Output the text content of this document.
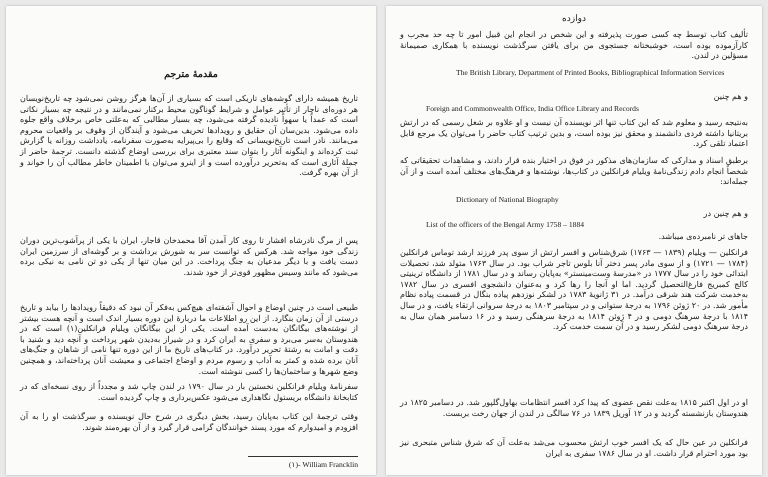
مقدمهٔ مترجم

تاریخ همیشه دارای گوشه‌های تاریکی است که بسیاری از آن‌ها هرگز روشن نمی‌شود چه تاریخ‌نویسان هر دوره‌ای ناچار از تأثیر عوامل و شرایط گوناگون محیط برکنار نمی‌مانند و در نتیجه چه بسیار نکاتی است که عمداً یا سهواً نادیده گرفته می‌شود، چه بسیار مطالبی که به‌علتی خاص برخلاف واقع جلوه داده می‌شود. بدین‌سان آن حقایق و رویدادها تحریف می‌شود و آیندگان از وقوف بر واقعیات محروم می‌مانند. نادر است تاریخ‌نویسانی که وقایع را بی‌پیرایه به‌صورت سفرنامه، یادداشت روزانه یا گزارش ثبت کرده‌اند و اینگونه آثار را بتوان سند معتبری برای بررسی اوضاع گذشته دانست. ترجمهٔ حاضر از جملهٔ آثاری است که به‌تحریر درآورده است و از اینرو می‌توان با اطمینان خاطر مطالب آن را خواند و از آن بهره گرفت.

پس از مرگ نادرشاه افشار تا روی کار آمدن آقا محمدخان قاجار، ایران با یکی از پرآشوب‌ترین دوران زندگی خود مواجه شد. هرکس که توانست سر به شورش برداشت و بر گوشه‌ای از سرزمین ایران دست یافت و با دیگر مدعیان به جنگ پرداخت. در این میان تنها از یکی دو تن نامی به نیکی برده می‌شود که مانند وسیس مظهور قوی‌تر از خود شدند.

طبیعی است در چنین اوضاع و احوال آشفته‌ای هیچ‌کس به‌فکر آن نبود که دقیقاً رویدادها را بیابد و تاریخ درستی از آن زمان بنگارد. از این رو اطلاعات ما دربارهٔ این دوره بسیار اندک است و آنچه هست بیشتر از نوشته‌های بیگانگان به‌دست آمده است. یکی از این بیگانگان ویلیام فرانکلین(۱) است که در هندوستان به‌سر می‌برد و سفری به ایران کرد و در شیراز به‌دیدن شهر پرداخت و آنچه دید و شنید با دقت و امانت به رشتهٔ تحریر درآورد. در کتاب‌های تاریخ ما از این دوره تنها نامی از شاهان و جنگ‌های آنان برده شده و کمتر به آداب و رسوم مردم و اوضاع اجتماعی و معیشت آنان پرداخته‌اند، و همچنین وضع شهرها و ساختمان‌ها را کسی ننوشته است.

سفرنامهٔ ویلیام فرانکلین نخستین بار در سال ۱۷۹۰ در لندن چاپ شد و مجدداً از روی نسخه‌ای که در کتابخانهٔ دانشگاه بریستول نگاهداری می‌شود عکس‌برداری و چاپ گردیده است.

وقتی ترجمهٔ این کتاب به‌پایان رسید، بخش دیگری در شرح حال نویسنده و سرگذشت او را به آن افزودم و امیدوارم که مورد پسند خوانندگان گرامی قرار گیرد و از آن بهره‌مند شوند.

(۱)- William Francklin

دوازده

تألیف کتاب توسط چه کسی صورت پذیرفته و این شخص در انجام این قبیل امور تا چه حد مجرب و کارآزموده بوده است، خوشبختانه جستجوی من برای یافتن سرگذشت نویسنده با همکاری صمیمانهٔ مسؤلین در لندن.

The British Library, Department of Printed Books, Bibliographical Information Services

و هم چنین

Foreign and Commonwealth Office, India Office Library and Records

به‌نتیجه رسید و معلوم شد که این کتاب تنها اثر نویسنده آن نیست و او علاوه بر شغل رسمی که در ارتش بریتانیا داشته فردی دانشمند و محقق نیز بوده است، و بدین ترتیب کتاب حاضر را می‌توان یک مرجع قابل اعتماد تلقی کرد.

برطبق اسناد و مدارکی که سازمان‌های مذکور در فوق در اختیار بنده قرار دادند، و مشاهدات تحقیقاتی که شخصاً انجام دادم زندگی‌نامهٔ ویلیام فرانکلین در کتاب‌ها، نوشته‌ها و فرهنگ‌های مختلف آمده است و از آن جمله‌اند:

Dictionary of National Biography

و هم چنین در

List of the officers of the Bengal Army 1758 – 1884

جاهای تر نامبرده‌ی میباشد.

فرانکلین — ویلیام (۱۸۳۹ — ۱۷۶۳) شرق‌شناس و افسر ارتش از سوی پدر فرزند ارشد توماس فرانکلین (۱۷۸۴ — ۱۷۲۱) و از سوی مادر پسر دختر آنا بلوس تاجر شراب بود. در سال ۱۷۶۳ متولد شد، تحصیلات ابتدائی خود را در سال ۱۷۷۷ در «مدرسهٔ وست‌مینستر» به‌پایان رساند و در سال ۱۷۸۱ از دانشگاه ترینیتی کالج کمبریج فارغ‌التحصیل گردید. اما او آنجا را رها کرد و به‌عنوان دانشجوی افسری در سال ۱۷۸۲ به‌خدمت شرکت هند شرقی درآمد. در ۳۱ ژانویهٔ ۱۷۸۳ در لشکر نوزدهم پیاده بنگال در قسمت پیاده نظام مأمور شد. در ۲۰ ژوئن ۱۷۹۶ به درجهٔ ستوانی و در سپتامبر ۱۸۰۳ به درجهٔ سروانی ارتقاء یافت، و در سال ۱۸۱۴ با درجهٔ سرهنگ دومی و در ۴ ژوئن ۱۸۱۴ به درجهٔ سرهنگی رسید و در ۱۶ دسامبر همان سال به درجهٔ سرهنگ دومی لشکر رسید و در آن سمت خدمت کرد.

او در اول اکتبر ۱۸۱۵ به‌علت نقص عضوی که پیدا کرد افسر انتظامات بهاول‌گلپور شد. در دسامبر ۱۸۲۵ در هندوستان بازنشسته گردید و در ۱۲ آوریل ۱۸۳۹ در ۷۶ سالگی در لندن از جهان رخت بربست.

فرانکلین در عین حال که یک افسر خوب ارتش محسوب می‌شد به‌علت آن که شرق شناس متبحری نیز بود مورد احترام قرار داشت. او در سال ۱۷۸۶ سفری به ایران
